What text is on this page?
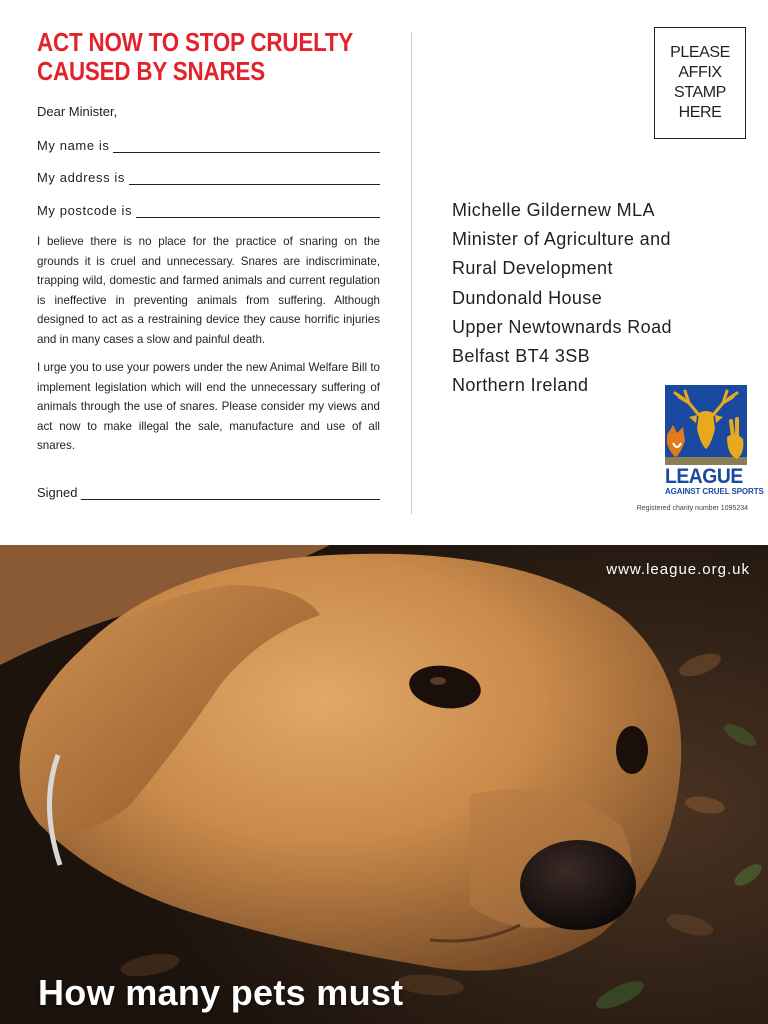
ACT NOW TO STOP CRUELTY
CAUSED BY SNARES
Dear Minister,
My name is
My address is
My postcode is

I believe there is no place for the practice of snaring on the grounds it is cruel and unnecessary. Snares are indiscriminate, trapping wild, domestic and farmed animals and current regulation is ineffective in preventing animals from suffering. Although designed to act as a restraining device they cause horrific injuries and in many cases a slow and painful death.

I urge you to use your powers under the new Animal Welfare Bill to implement legislation which will end the unnecessary suffering of animals through the use of snares. Please consider my views and act now to make illegal the sale, manufacture and use of all snares.

Signed
PLEASE
AFFIX
STAMP
HERE
Michelle Gildernew MLA
Minister of Agriculture and
Rural Development
Dundonald House
Upper Newtownards Road
Belfast BT4 3SB
Northern Ireland
LEAGUE
AGAINST CRUEL SPORTS
Registered charity number 1095234
www.league.org.uk
How many pets must
